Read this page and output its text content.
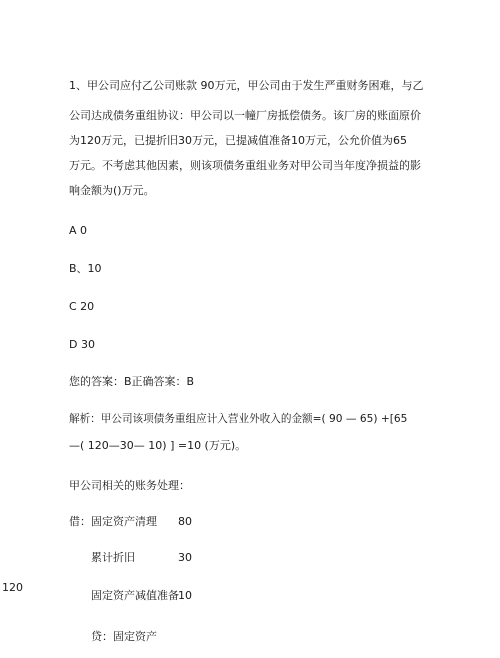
1、甲公司应付乙公司账款 90万元，甲公司由于发生严重财务困难，与乙
公司达成债务重组协议：甲公司以一幢厂房抵偿债务。该厂房的账面原价
为120万元，已提折旧30万元，已提减值准备10万元，公允价值为65
万元。不考虑其他因素，则该项债务重组业务对甲公司当年度净损益的影
响金额为()万元。
A 0
B、10
C 20
D 30
您的答案：B正确答案：B
解析：甲公司该项债务重组应计入营业外收入的金额=( 90 — 65) +[65
—( 120—30— 10) ] =10 (万元)。
甲公司相关的账务处理：
借：固定资产清理 80
累计折旧	30
120
固定资产减值准备 10
贷：固定资产
